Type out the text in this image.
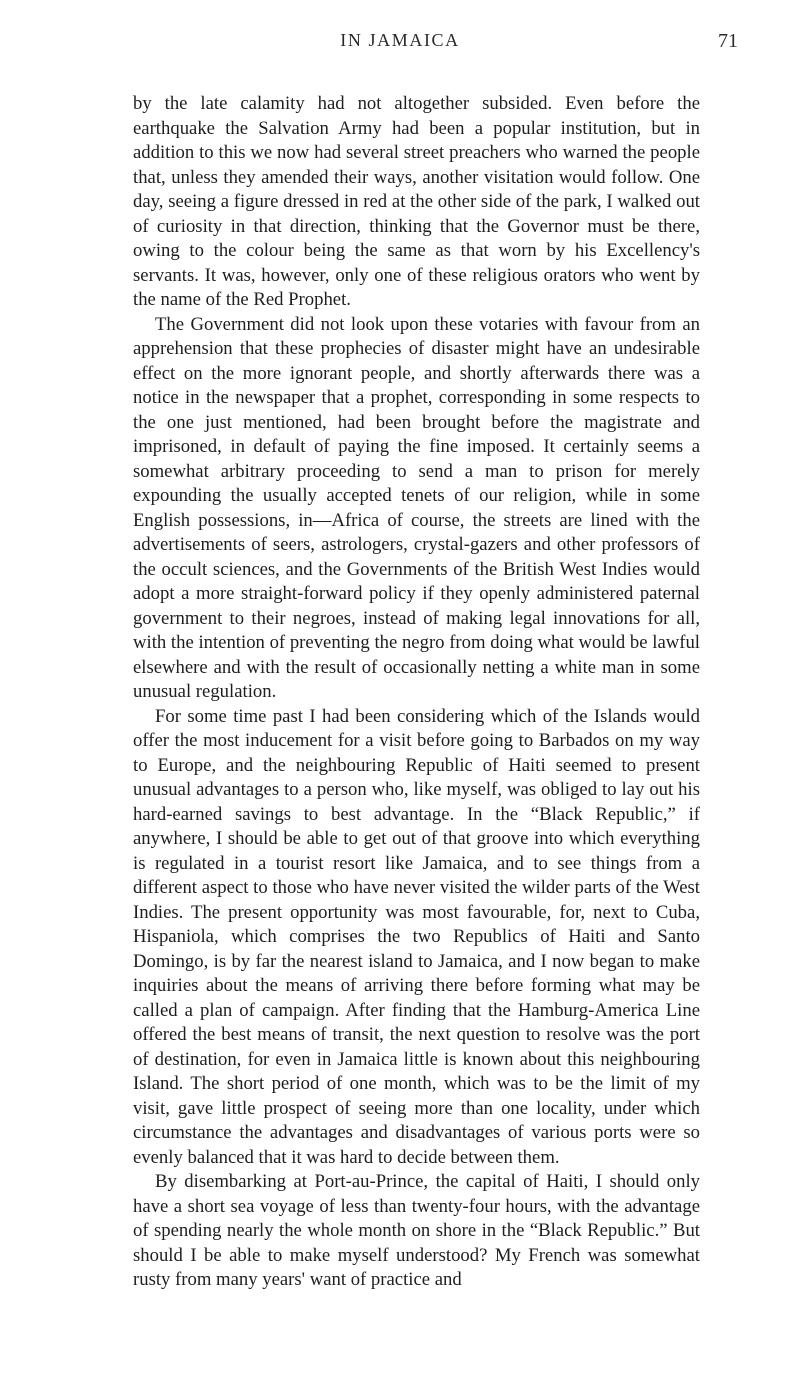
IN JAMAICA	71

by the late calamity had not altogether subsided. Even before the earthquake the Salvation Army had been a popular institution, but in addition to this we now had several street preachers who warned the people that, unless they amended their ways, another visitation would follow. One day, seeing a figure dressed in red at the other side of the park, I walked out of curiosity in that direction, thinking that the Governor must be there, owing to the colour being the same as that worn by his Excellency's servants. It was, however, only one of these religious orators who went by the name of the Red Prophet.

The Government did not look upon these votaries with favour from an apprehension that these prophecies of disaster might have an undesirable effect on the more ignorant people, and shortly afterwards there was a notice in the newspaper that a prophet, corresponding in some respects to the one just mentioned, had been brought before the magistrate and imprisoned, in default of paying the fine imposed. It certainly seems a somewhat arbitrary proceeding to send a man to prison for merely expounding the usually accepted tenets of our religion, while in some English possessions, in—Africa of course, the streets are lined with the advertisements of seers, astrologers, crystal-gazers and other professors of the occult sciences, and the Governments of the British West Indies would adopt a more straight-forward policy if they openly administered paternal government to their negroes, instead of making legal innovations for all, with the intention of preventing the negro from doing what would be lawful elsewhere and with the result of occasionally netting a white man in some unusual regulation.

For some time past I had been considering which of the Islands would offer the most inducement for a visit before going to Barbados on my way to Europe, and the neighbouring Republic of Haiti seemed to present unusual advantages to a person who, like myself, was obliged to lay out his hard-earned savings to best advantage. In the “Black Republic,” if anywhere, I should be able to get out of that groove into which everything is regulated in a tourist resort like Jamaica, and to see things from a different aspect to those who have never visited the wilder parts of the West Indies. The present opportunity was most favourable, for, next to Cuba, Hispaniola, which comprises the two Republics of Haiti and Santo Domingo, is by far the nearest island to Jamaica, and I now began to make inquiries about the means of arriving there before forming what may be called a plan of campaign. After finding that the Hamburg-America Line offered the best means of transit, the next question to resolve was the port of destination, for even in Jamaica little is known about this neighbouring Island. The short period of one month, which was to be the limit of my visit, gave little prospect of seeing more than one locality, under which circumstance the advantages and disadvantages of various ports were so evenly balanced that it was hard to decide between them.

By disembarking at Port-au-Prince, the capital of Haiti, I should only have a short sea voyage of less than twenty-four hours, with the advantage of spending nearly the whole month on shore in the “Black Republic.” But should I be able to make myself understood? My French was somewhat rusty from many years' want of practice and
